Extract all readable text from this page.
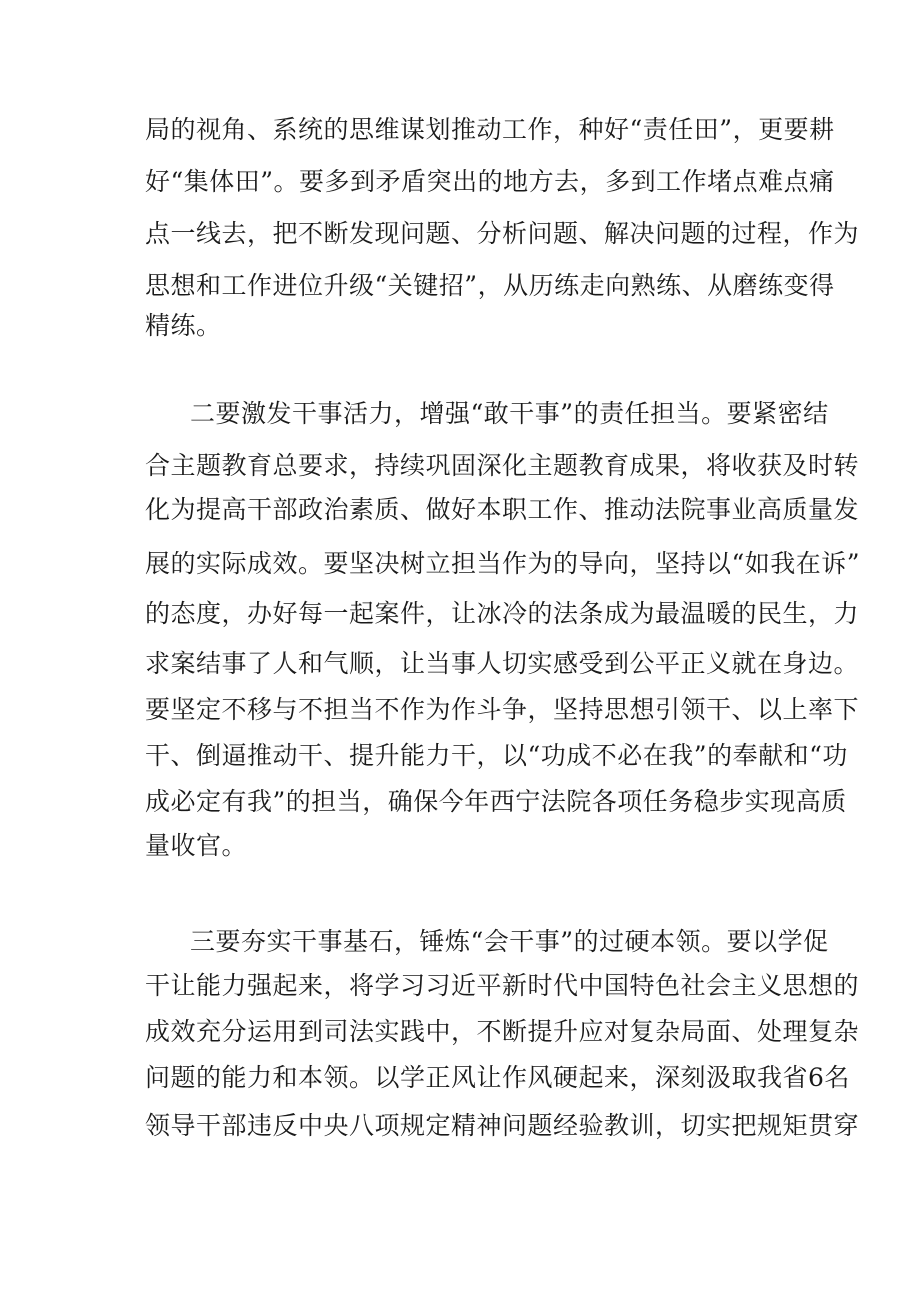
局的视角、系统的思维谋划推动工作，种好“责任田”，更要耕
好“集体田”。要多到矛盾突出的地方去，多到工作堵点难点痛
点一线去，把不断发现问题、分析问题、解决问题的过程，作为
思想和工作进位升级“关键招”，从历练走向熟练、从磨练变得
精练。
二要激发干事活力，增强“敢干事”的责任担当。要紧密结
合主题教育总要求，持续巩固深化主题教育成果，将收获及时转
化为提高干部政治素质、做好本职工作、推动法院事业高质量发
展的实际成效。要坚决树立担当作为的导向，坚持以“如我在诉”
的态度，办好每一起案件，让冰冷的法条成为最温暖的民生，力
求案结事了人和气顺，让当事人切实感受到公平正义就在身边。
要坚定不移与不担当不作为作斗争，坚持思想引领干、以上率下
干、倒逼推动干、提升能力干，以“功成不必在我”的奉献和“功
成必定有我”的担当，确保今年西宁法院各项任务稳步实现高质
量收官。
三要夯实干事基石，锤炼“会干事”的过硬本领。要以学促
干让能力强起来，将学习习近平新时代中国特色社会主义思想的
成效充分运用到司法实践中，不断提升应对复杂局面、处理复杂
问题的能力和本领。以学正风让作风硬起来，深刻汲取我省6名
领导干部违反中央八项规定精神问题经验教训，切实把规矩贯穿
